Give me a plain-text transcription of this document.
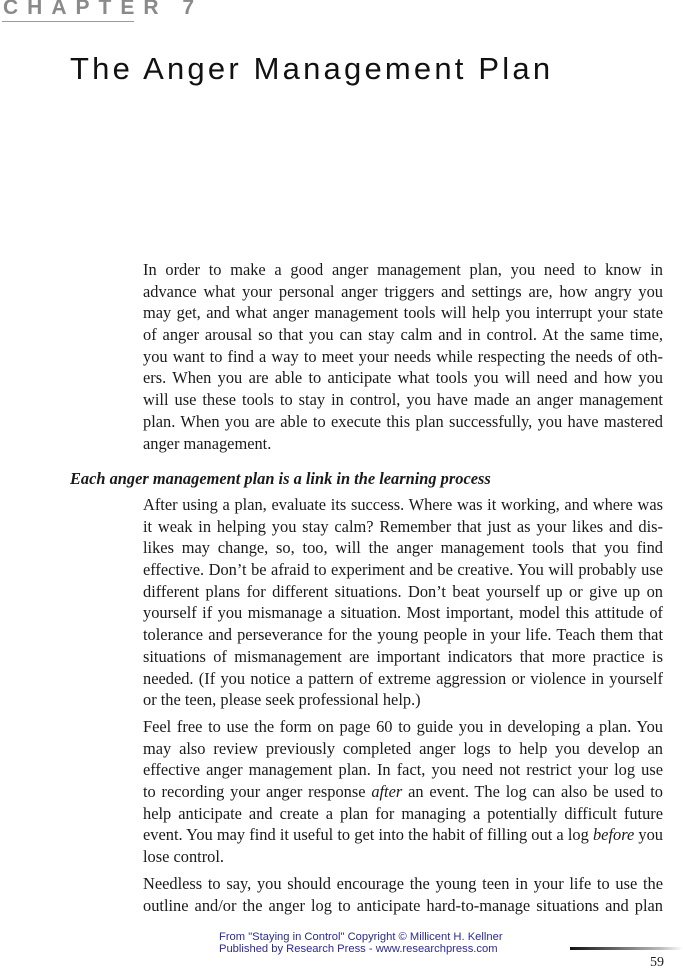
CHAPTER 7
The Anger Management Plan
In order to make a good anger management plan, you need to know in
advance what your personal anger triggers and settings are, how angry you
may get, and what anger management tools will help you interrupt your state
of anger arousal so that you can stay calm and in control. At the same time,
you want to find a way to meet your needs while respecting the needs of oth-
ers. When you are able to anticipate what tools you will need and how you
will use these tools to stay in control, you have made an anger management
plan. When you are able to execute this plan successfully, you have mastered
anger management.
After using a plan, evaluate its success. Where was it working, and where was
it weak in helping you stay calm? Remember that just as your likes and dis-
likes may change, so, too, will the anger management tools that you find
effective. Don’t be afraid to experiment and be creative. You will probably use
different plans for different situations. Don’t beat yourself up or give up on
yourself if you mismanage a situation. Most important, model this attitude of
tolerance and perseverance for the young people in your life. Teach them that
situations of mismanagement are important indicators that more practice is
needed. (If you notice a pattern of extreme aggression or violence in yourself
or the teen, please seek professional help.)
Feel free to use the form on page 60 to guide you in developing a plan. You
may also review previously completed anger logs to help you develop an
effective anger management plan. In fact, you need not restrict your log use
to recording your anger response after an event. The log can also be used to
help anticipate and create a plan for managing a potentially difficult future
event. You may find it useful to get into the habit of filling out a log before you
lose control.
Needless to say, you should encourage the young teen in your life to use the
outline and/or the anger log to anticipate hard-to-manage situations and plan
Each anger management plan is a link in the learning process
From "Staying in Control" Copyright © Millicent H. Kellner
Published by Research Press - www.researchpress.com
59
